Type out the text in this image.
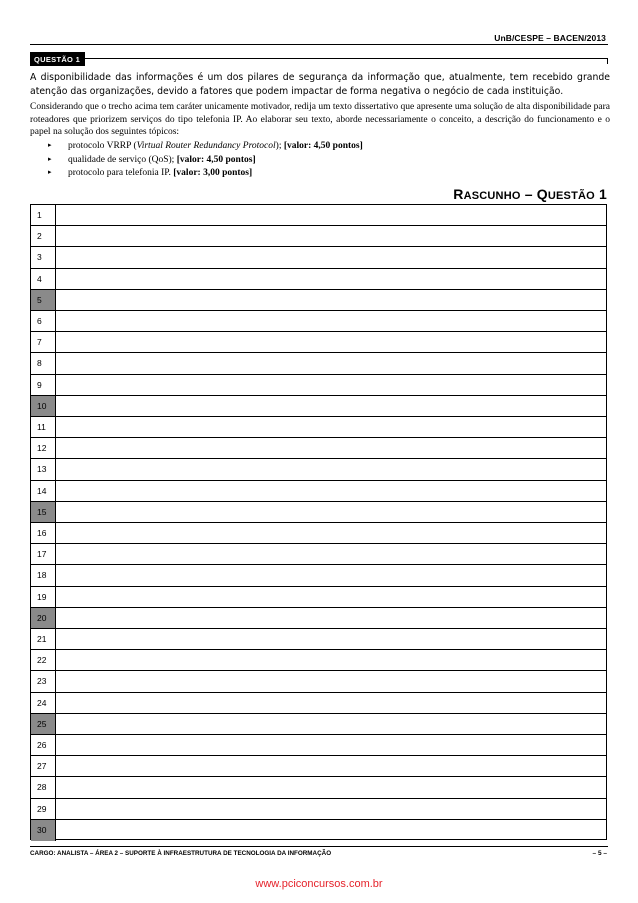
UnB/CESPE – BACEN/2013
QUESTÃO 1
A disponibilidade das informações é um dos pilares de segurança da informação que, atualmente, tem recebido grande atenção das organizações, devido a fatores que podem impactar de forma negativa o negócio de cada instituição.
Considerando que o trecho acima tem caráter unicamente motivador, redija um texto dissertativo que apresente uma solução de alta disponibilidade para roteadores que priorizem serviços do tipo telefonia IP. Ao elaborar seu texto, aborde necessariamente o conceito, a descrição do funcionamento e o papel na solução dos seguintes tópicos:
▸ protocolo VRRP (Virtual Router Redundancy Protocol); [valor: 4,50 pontos]
▸ qualidade de serviço (QoS); [valor: 4,50 pontos]
▸ protocolo para telefonia IP. [valor: 3,00 pontos]
RASCUNHO – QUESTÃO 1
1
2
3
4
5
6
7
8
9
10
11
12
13
14
15
16
17
18
19
20
21
22
23
24
25
26
27
28
29
30
CARGO: ANALISTA – ÁREA 2 – SUPORTE À INFRAESTRUTURA DE TECNOLOGIA DA INFORMAÇÃO	– 5 –
www.pciconcursos.com.br
